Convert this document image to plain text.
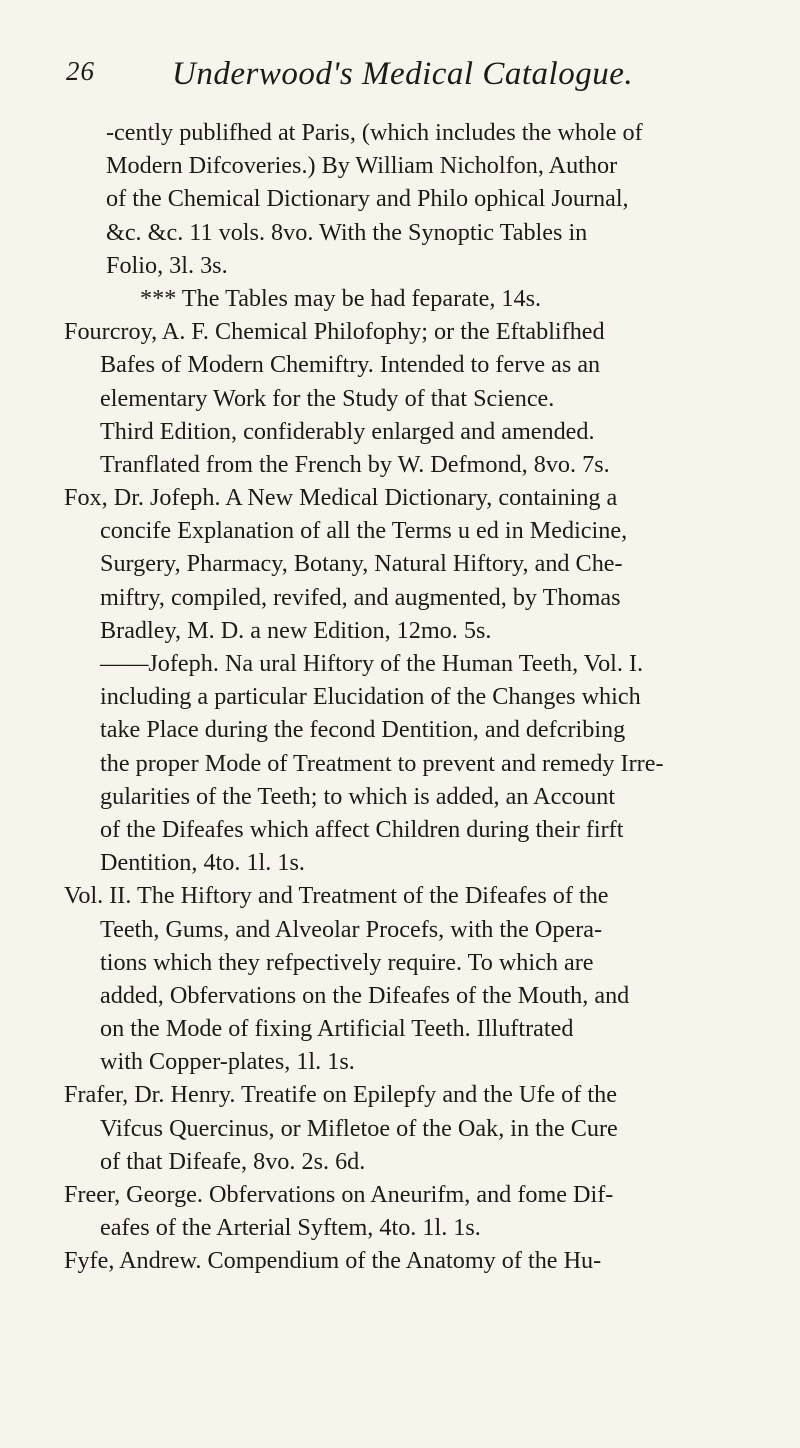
26 Underwood's Medical Catalogue.
-cently publifhed at Paris, (which includes the whole of
Modern Difcoveries.) By William Nicholfon, Author
of the Chemical Dictionary and Philo ophical Journal,
&c. &c. 11 vols. 8vo. With the Synoptic Tables in
Folio, 3l. 3s.
*** The Tables may be had feparate, 14s.
Fourcroy, A. F. Chemical Philofophy; or the Eftablifhed
Bafes of Modern Chemiftry. Intended to ferve as an
elementary Work for the Study of that Science.
Third Edition, confiderably enlarged and amended.
Tranflated from the French by W. Defmond, 8vo. 7s.
Fox, Dr. Jofeph. A New Medical Dictionary, containing a
concife Explanation of all the Terms u ed in Medicine,
Surgery, Pharmacy, Botany, Natural Hiftory, and Che-
miftry, compiled, revifed, and augmented, by Thomas
Bradley, M. D. a new Edition, 12mo. 5s.
——Jofeph. Na ural Hiftory of the Human Teeth, Vol. I.
including a particular Elucidation of the Changes which
take Place during the fecond Dentition, and defcribing
the proper Mode of Treatment to prevent and remedy Irre-
gularities of the Teeth; to which is added, an Account
of the Difeafes which affect Children during their firft
Dentition, 4to. 1l. 1s.
Vol. II. The Hiftory and Treatment of the Difeafes of the
Teeth, Gums, and Alveolar Procefs, with the Opera-
tions which they refpectively require. To which are
added, Obfervations on the Difeafes of the Mouth, and
on the Mode of fixing Artificial Teeth. Illuftrated
with Copper-plates, 1l. 1s.
Frafer, Dr. Henry. Treatife on Epilepfy and the Ufe of the
Vifcus Quercinus, or Mifletoe of the Oak, in the Cure
of that Difeafe, 8vo. 2s. 6d.
Freer, George. Obfervations on Aneurifm, and fome Dif-
eafes of the Arterial Syftem, 4to. 1l. 1s.
Fyfe, Andrew. Compendium of the Anatomy of the Hu-
